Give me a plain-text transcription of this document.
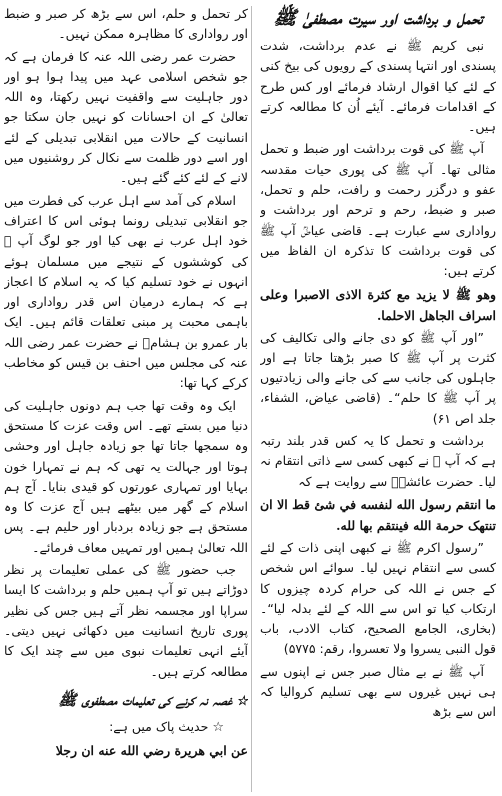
تحمل و برداشت اور سیرت مصطفیٰ ﷺ

نبی کریم ﷺ نے عدم برداشت، شدت پسندی اور انتہا پسندی کے رویوں کی بیخ کنی کے لئے کیا اقوال ارشاد فرمائے اور کس طرح کے اقدامات فرمائے۔ آیئے اُن کا مطالعہ کرتے ہیں۔

آپ ﷺ کی قوت برداشت اور ضبط و تحمل مثالی تھا۔ آپ ﷺ کی پوری حیات مقدسہ عفو و درگزر رحمت و رافت، حلم و تحمل، صبر و ضبط، رحم و ترحم اور برداشت و رواداری سے عبارت ہے۔ قاضی عیاضؒ آپ ﷺ کی قوت برداشت کا تذکرہ ان الفاظ میں کرتے ہیں:

وهو ﷺ لا يزيد مع كثرة الاذى الاصبرا وعلى اسراف الجاهل الاحلما.

”اور آپ ﷺ کو دی جانے والی تکالیف کی کثرت پر آپ ﷺ کا صبر بڑھتا جاتا ہے اور جاہلوں کی جانب سے کی جانے والی زیادتیوں پر آپ ﷺ کا حلم“۔ (قاضی عیاض، الشفاء، جلد اص ۶۱)

برداشت و تحمل کا یہ کس قدر بلند رتبہ ہے کہ آپ ﷺ نے کبھی کسی سے ذاتی انتقام نہ لیا۔ حضرت عائشہؓ سے روایت ہے کہ

ما انتقم رسول الله لنفسه في شئ قط الا ان تنتهک حرمة الله فينتقم بها لله.

”رسول اکرم ﷺ نے کبھی اپنی ذات کے لئے کسی سے انتقام نہیں لیا۔ سوائے اس شخص کے جس نے اللہ کی حرام کردہ چیزوں کا ارتکاب کیا تو اس سے اللہ کے لئے بدلہ لیا“۔ (بخاری، الجامع الصحیح، کتاب الادب، باب قول النبی یسروا ولا تعسروا، رقم: ۵۷۷۵)

آپ ﷺ نے بے مثال صبر جس نے اپنوں سے ہی نہیں غیروں سے بھی تسلیم کروالیا کہ اس سے بڑھ

کر تحمل و حلم، اس سے بڑھ کر صبر و ضبط اور رواداری کا مظاہرہ ممکن نہیں۔

حضرت عمر رضی اللہ عنہ کا فرمان ہے کہ جو شخص اسلامی عہد میں پیدا ہوا ہو اور دور جاہلیت سے واقفیت نہیں رکھتا، وہ اللہ تعالیٰ کے ان احسانات کو نہیں جان سکتا جو انسانیت کے حالات میں انقلابی تبدیلی کے لئے اور اسے دور ظلمت سے نکال کر روشنیوں میں لانے کے لئے کئے گئے ہیں۔

اسلام کی آمد سے اہل عرب کی فطرت میں جو انقلابی تبدیلی رونما ہوئی اس کا اعتراف خود اہل عرب نے بھی کیا اور جو لوگ آپ ﷺ کی کوششوں کے نتیجے میں مسلمان ہوئے انہوں نے خود تسلیم کیا کہ یہ اسلام کا اعجاز ہے کہ ہمارے درمیان اس قدر رواداری اور باہمی محبت پر مبنی تعلقات قائم ہیں۔ ایک بار عمرو بن ہشامؓ نے حضرت عمر رضی اللہ عنہ کی مجلس میں احنف بن قیس کو مخاطب کرکے کہا تھا:

ایک وہ وقت تھا جب ہم دونوں جاہلیت کی دنیا میں بستے تھے۔ اس وقت عزت کا مستحق وہ سمجھا جاتا تھا جو زیادہ جاہل اور وحشی ہوتا اور جہالت یہ تھی کہ ہم نے تمہارا خون بہایا اور تمہاری عورتوں کو قیدی بنایا۔ آج ہم اسلام کے گھر میں بیٹھے ہیں آج عزت کا وہ مستحق ہے جو زیادہ بردبار اور حلیم ہے۔ پس اللہ تعالیٰ ہمیں اور تمہیں معاف فرمائے۔

جب حضور ﷺ کی عملی تعلیمات پر نظر دوڑاتے ہیں تو آپ ہمیں حلم و برداشت کا ایسا سراپا اور مجسمہ نظر آتے ہیں جس کی نظیر پوری تاریخ انسانیت میں دکھائی نہیں دیتی۔ آیئے انہی تعلیمات نبوی میں سے چند ایک کا مطالعہ کرتے ہیں۔

☆غصہ نہ کرنے کی تعلیمات مصطفوی ﷺ

☆حدیث پاک میں ہے:

عن ابي هريرة رضي الله عنه ان رجلا
